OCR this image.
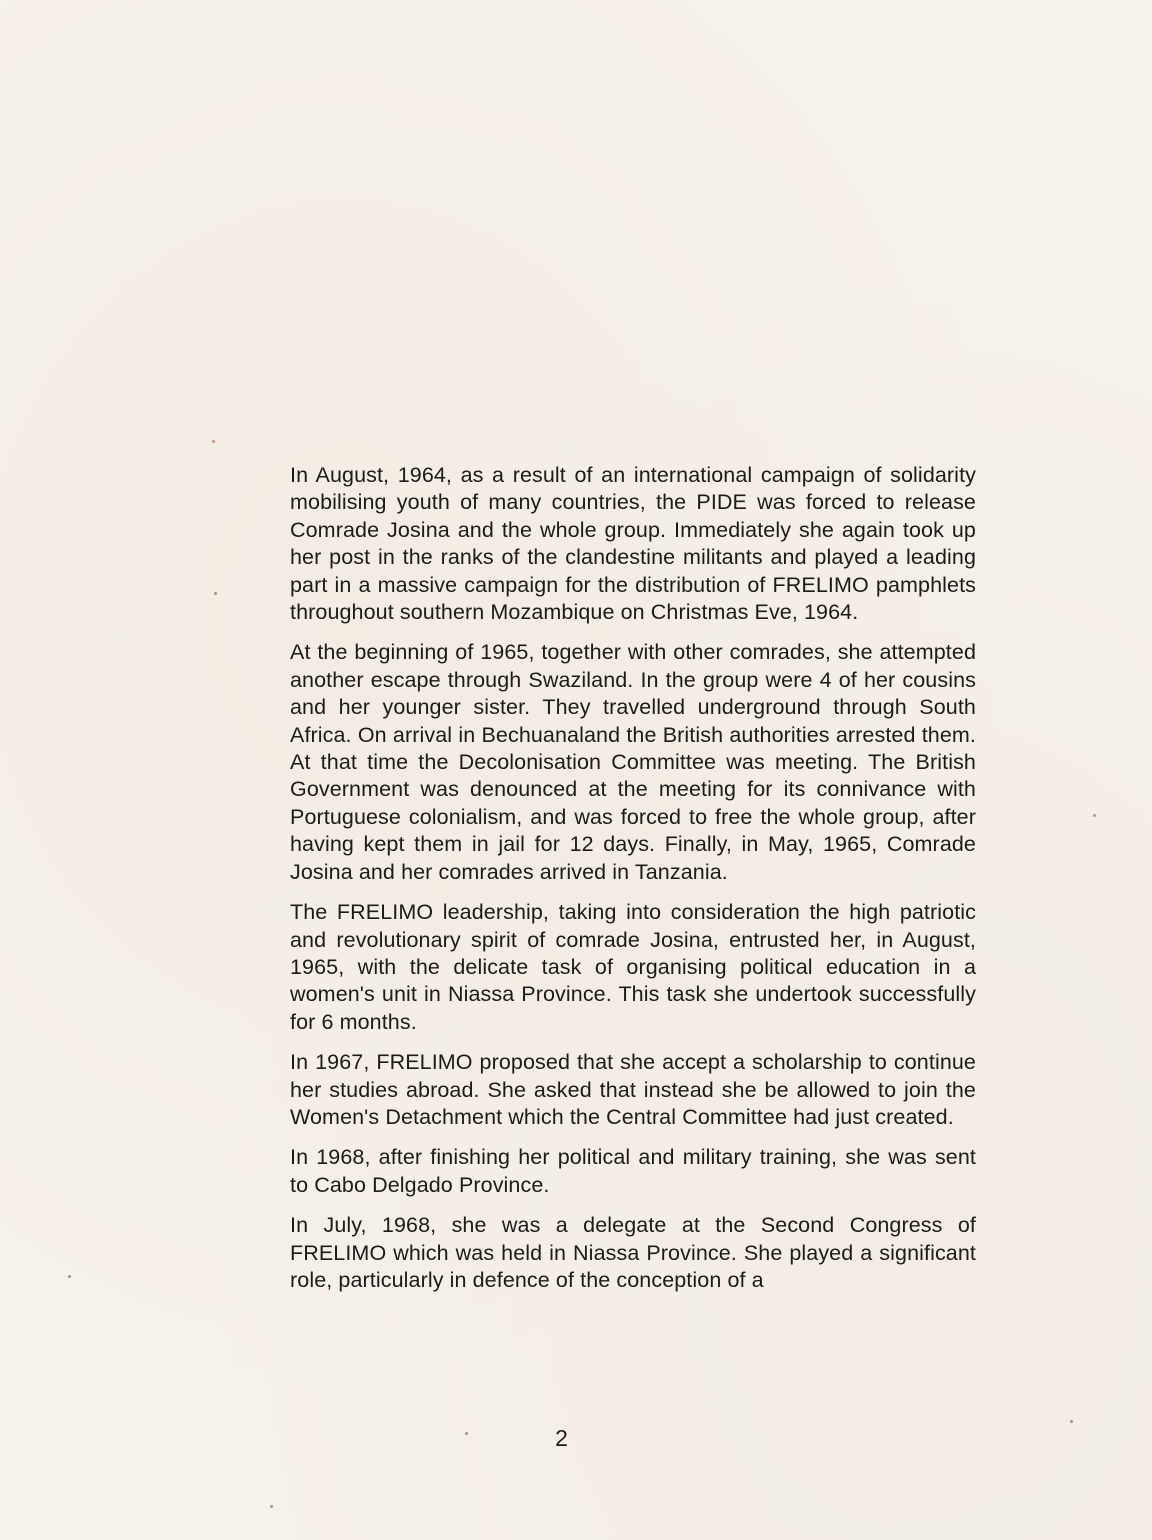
In August, 1964, as a result of an international campaign of solidarity mobilising youth of many countries, the PIDE was forced to release Comrade Josina and the whole group. Immediately she again took up her post in the ranks of the clandestine militants and played a leading part in a massive campaign for the distribution of FRELIMO pamphlets throughout southern Mozambique on Christmas Eve, 1964.

At the beginning of 1965, together with other comrades, she attempted another escape through Swaziland. In the group were 4 of her cousins and her younger sister. They travelled underground through South Africa. On arrival in Bechuanaland the British authorities arrested them. At that time the Decolonisation Committee was meeting. The British Government was denounced at the meeting for its connivance with Portuguese colonialism, and was forced to free the whole group, after having kept them in jail for 12 days. Finally, in May, 1965, Comrade Josina and her comrades arrived in Tanzania.

The FRELIMO leadership, taking into consideration the high patriotic and revolutionary spirit of comrade Josina, entrusted her, in August, 1965, with the delicate task of organising political education in a women's unit in Niassa Province. This task she undertook successfully for 6 months.

In 1967, FRELIMO proposed that she accept a scholarship to continue her studies abroad. She asked that instead she be allowed to join the Women's Detachment which the Central Committee had just created.

In 1968, after finishing her political and military training, she was sent to Cabo Delgado Province.

In July, 1968, she was a delegate at the Second Congress of FRELIMO which was held in Niassa Province. She played a significant role, particularly in defence of the conception of a

2
